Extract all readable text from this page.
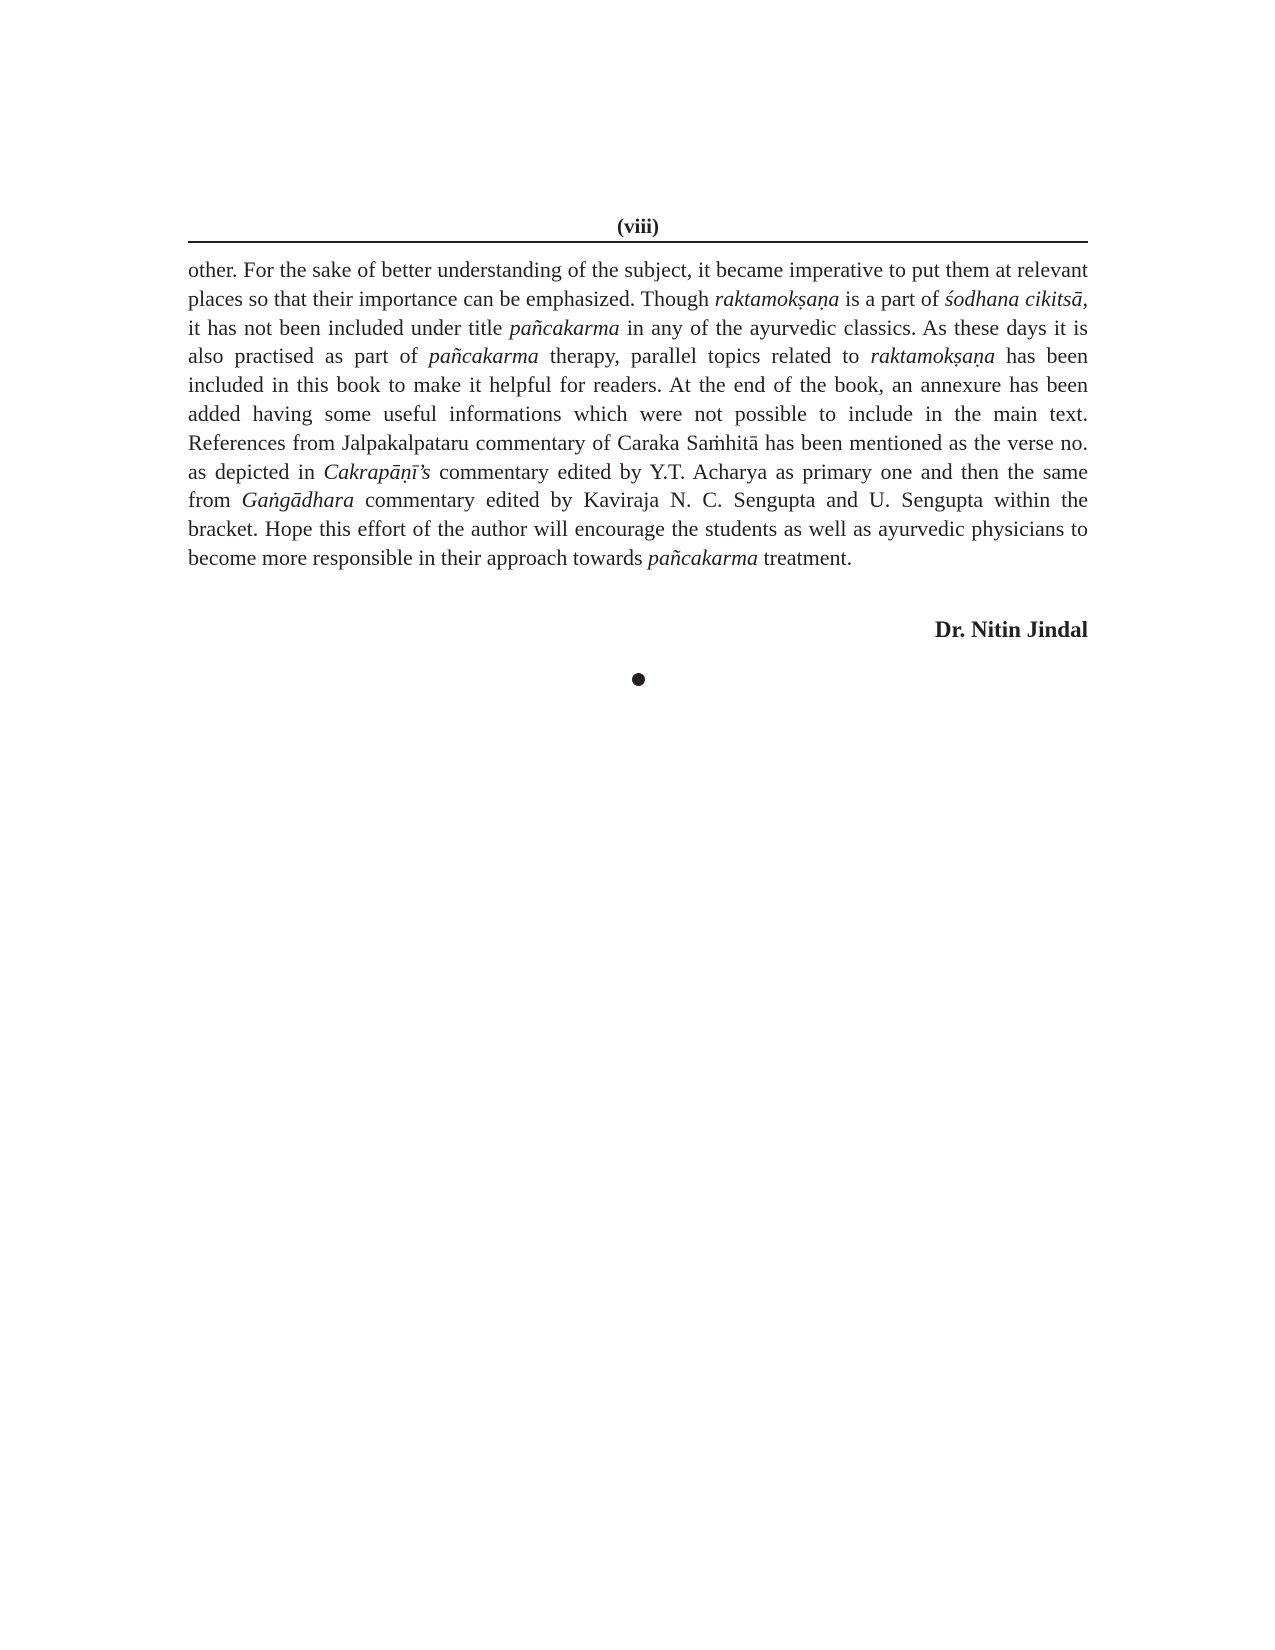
(viii)

other. For the sake of better understanding of the subject, it became imperative to put them at relevant places so that their importance can be emphasized. Though raktamokṣaṇa is a part of śodhana cikitsā, it has not been included under title pañcakarma in any of the ayurvedic classics. As these days it is also practised as part of pañcakarma therapy, parallel topics related to raktamokṣaṇa has been included in this book to make it helpful for readers. At the end of the book, an annexure has been added having some useful informations which were not possible to include in the main text. References from Jalpakalpataru commentary of Caraka Saṁhitā has been mentioned as the verse no. as depicted in Cakrapāṇī’s commentary edited by Y.T. Acharya as primary one and then the same from Gaṅgādhara commentary edited by Kaviraja N. C. Sengupta and U. Sengupta within the bracket. Hope this effort of the author will encourage the students as well as ayurvedic physicians to become more responsible in their approach towards pañcakarma treatment.

Dr. Nitin Jindal
